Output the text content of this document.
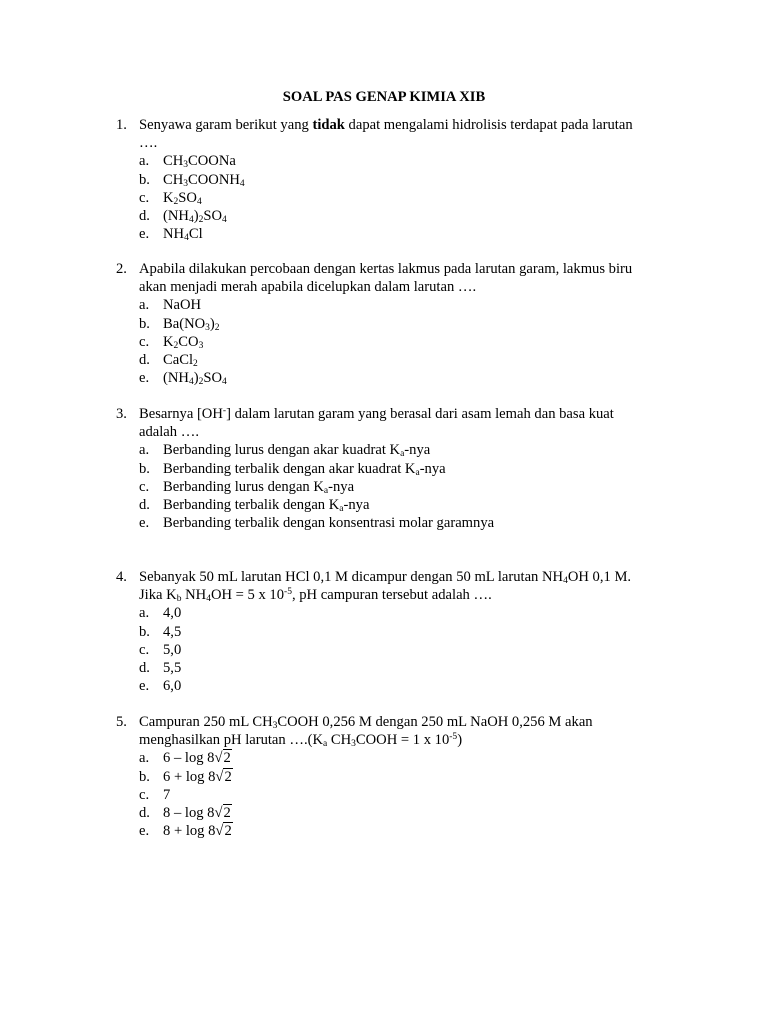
SOAL PAS GENAP KIMIA XIB
1. Senyawa garam berikut yang tidak dapat mengalami hidrolisis terdapat pada larutan
….
a. $CH_3COONa$
b. $CH_3COONH_4$
c. $K_2SO_4$
d. $(NH_4)_2SO_4$
e. $NH_4Cl$
2. Apabila dilakukan percobaan dengan kertas lakmus pada larutan garam, lakmus biru
akan menjadi merah apabila dicelupkan dalam larutan ….
a. NaOH
b. $Ba(NO_3)_2$
c. $K_2CO_3$
d. CaCl$_2$
e. $(NH_4)_2SO_4$
3. Besarnya [OH-] dalam larutan garam yang berasal dari asam lemah dan basa kuat
adalah ….
a. Berbanding lurus dengan akar kuadrat $K_a$-nya
b. Berbanding terbalik dengan akar kuadrat $K_a$-nya
c. Berbanding lurus dengan $K_a$-nya
d. Berbanding terbalik dengan $K_a$-nya
e. Berbanding terbalik dengan konsentrasi molar garamnya
4. Sebanyak 50 mL larutan HCl 0,1 M dicampur dengan 50 mL larutan $NH_4OH$ 0,1 M.
Jika $K_b$ $NH_4OH = 5$ x $10^{-5}$, pH campuran tersebut adalah ….
a. 4,0
b. 4,5
c. 5,0
d. 5,5
e. 6,0
5. Campuran 250 mL $CH_3COOH$ 0,256 M dengan 250 mL NaOH 0,256 M akan
menghasilkan pH larutan $\dots.(K_a$ $CH_3COOH = 1$ x $10^{-5}$)
a. 6 – log 8√2
b. 6 + log 8√2
c. 7
d. 8 – log 8√2
e. 8 + log 8√2
